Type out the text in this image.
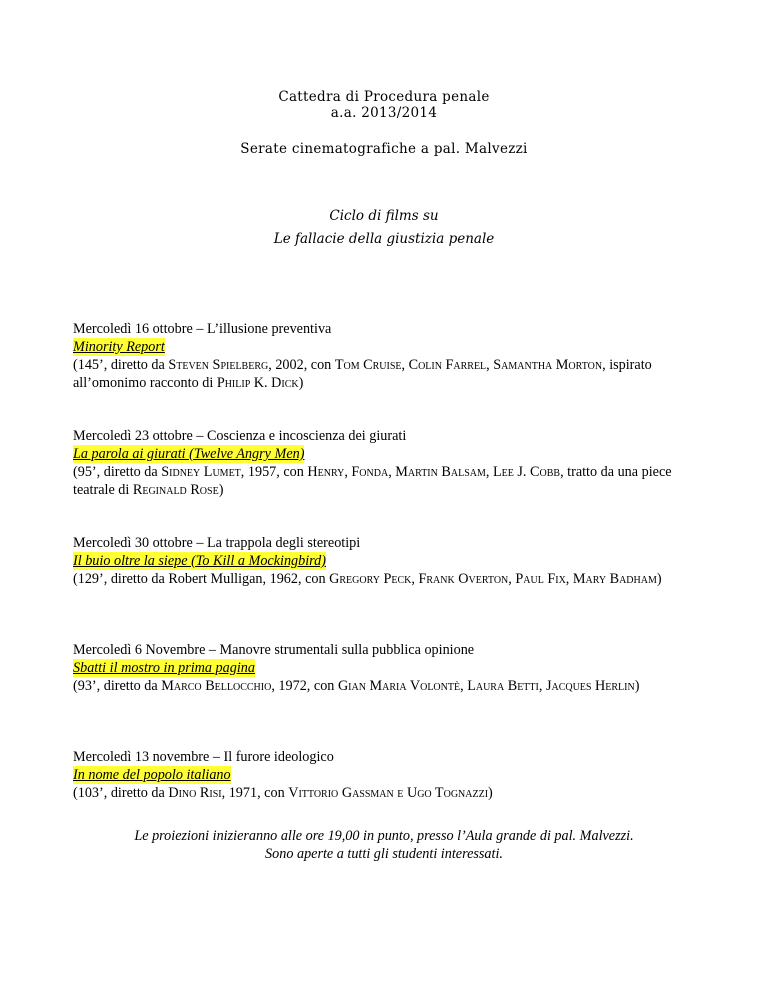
Cattedra di Procedura penale
a.a. 2013/2014
Serate cinematografiche a pal. Malvezzi
Ciclo di films su
Le fallacie della giustizia penale
Mercoledì 16 ottobre – L’illusione preventiva
Minority Report
(145’, diretto da Steven Spielberg, 2002, con Tom Cruise, Colin Farrel, Samantha Morton, ispirato all’omonimo racconto di Philip K. Dick)
Mercoledì 23 ottobre – Coscienza e incoscienza dei giurati
La parola ai giurati (Twelve Angry Men)
(95’, diretto da Sidney Lumet, 1957, con Henry, Fonda, Martin Balsam, Lee J. Cobb, tratto da una piece teatrale di Reginald Rose)
Mercoledì 30 ottobre – La trappola degli stereotipi
Il buio oltre la siepe (To Kill a Mockingbird)
(129’, diretto da Robert Mulligan, 1962, con Gregory Peck, Frank Overton, Paul Fix, Mary Badham)
Mercoledì 6 Novembre – Manovre strumentali sulla pubblica opinione
Sbatti il mostro in prima pagina
(93’, diretto da Marco Bellocchio, 1972, con Gian Maria Volontè, Laura Betti, Jacques Herlin)
Mercoledì 13 novembre – Il furore ideologico
In nome del popolo italiano
(103’, diretto da Dino Risi, 1971, con Vittorio Gassman e Ugo Tognazzi)
Le proiezioni inizieranno alle ore 19,00 in punto, presso l’Aula grande di pal. Malvezzi.
Sono aperte a tutti gli studenti interessati.
